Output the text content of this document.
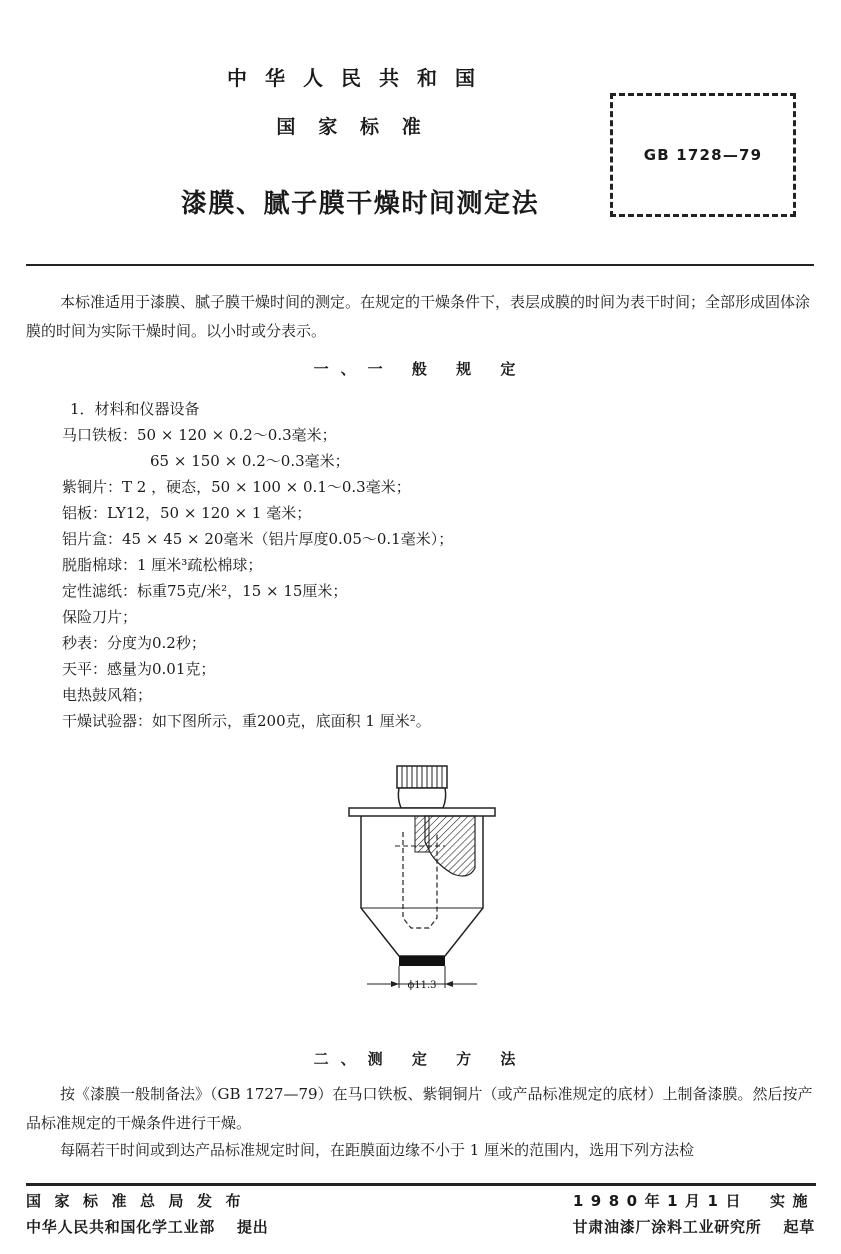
中华人民共和国
国家标准
漆膜、腻子膜干燥时间测定法
GB 1728—79
本标准适用于漆膜、腻子膜干燥时间的测定。在规定的干燥条件下，表层成膜的时间为表干时间；全部形成固体涂膜的时间为实际干燥时间。以小时或分表示。
一、一 般 规 定
1．材料和仪器设备
马口铁板：50 × 120 × 0.2～0.3毫米；
65 × 150 × 0.2～0.3毫米；
紫铜片：T 2 ，硬态，50 × 100 × 0.1～0.3毫米；
铝板：LY12，50 × 120 × 1 毫米；
铝片盒：45 × 45 × 20毫米（铝片厚度0.05～0.1毫米）；
脱脂棉球：1 厘米³疏松棉球；
定性滤纸：标重75克/米²，15 × 15厘米；
保险刀片；
秒表：分度为0.2秒；
天平：感量为0.01克；
电热鼓风箱；
干燥试验器：如下图所示，重200克，底面积 1 厘米²。
ϕ11.3
二、测 定 方 法
按《漆膜一般制备法》（GB 1727—79）在马口铁板、紫铜铜片（或产品标准规定的底材）上制备漆膜。然后按产品标准规定的干燥条件进行干燥。
每隔若干时间或到达产品标准规定时间，在距膜面边缘不小于 1 厘米的范围内，选用下列方法检
国家标准总局发布
中华人民共和国化学工业部 提出
1980年1月1日 实施
甘肃油漆厂涂料工业研究所 起草
